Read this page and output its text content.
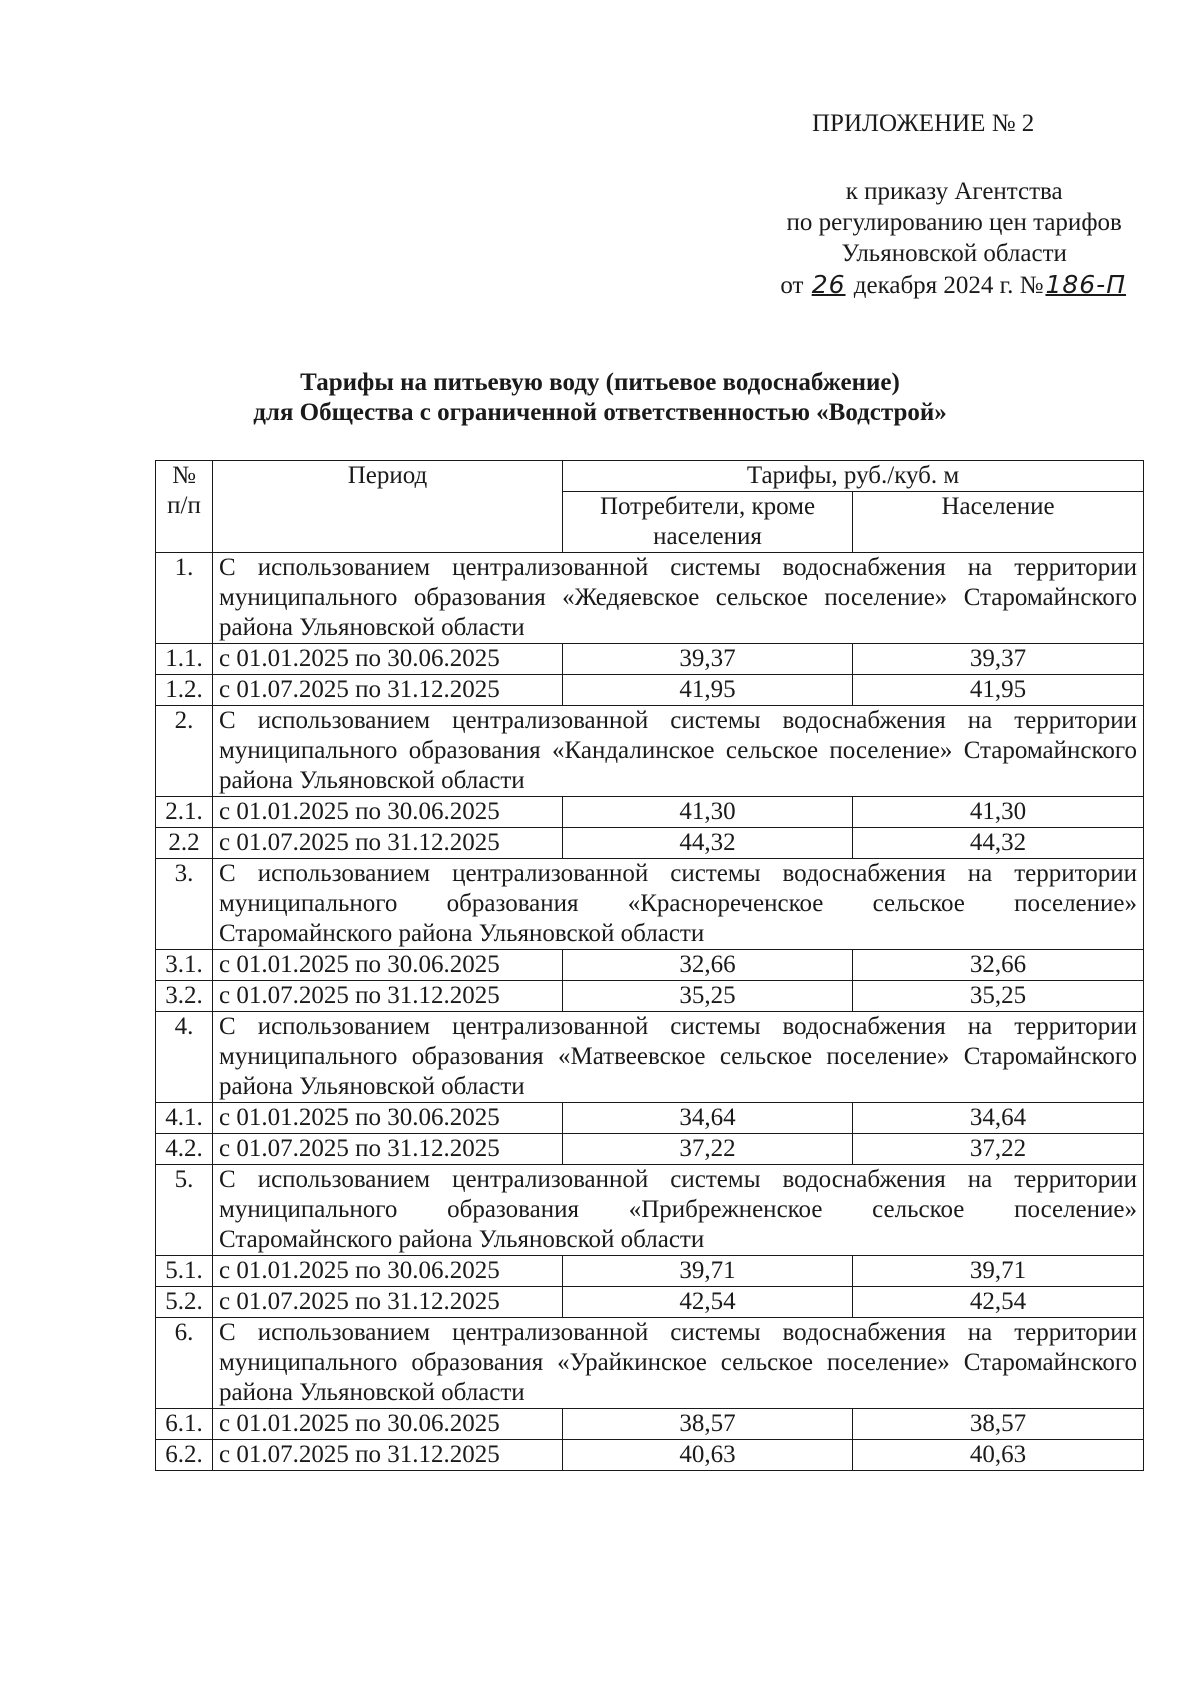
ПРИЛОЖЕНИЕ № 2
к приказу Агентства
по регулированию цен тарифов
Ульяновской области
от 26 декабря 2024 г. №186-П
Тарифы на питьевую воду (питьевое водоснабжение)
для Общества с ограниченной ответственностью «Водстрой»
№ п/п	Период	Тарифы, руб./куб. м	
		Потребители, кроме населения	Население
1.	С использованием централизованной системы водоснабжения на территории муниципального образования «Жедяевское сельское поселение» Старомайнского района Ульяновской области		
1.1.	с 01.01.2025 по 30.06.2025	39,37	39,37
1.2.	с 01.07.2025 по 31.12.2025	41,95	41,95
2.	С использованием централизованной системы водоснабжения на территории муниципального образования «Кандалинское сельское поселение» Старомайнского района Ульяновской области		
2.1.	с 01.01.2025 по 30.06.2025	41,30	41,30
2.2	с 01.07.2025 по 31.12.2025	44,32	44,32
3.	С использованием централизованной системы водоснабжения на территории муниципального образования «Краснореченское сельское поселение» Старомайнского района Ульяновской области		
3.1.	с 01.01.2025 по 30.06.2025	32,66	32,66
3.2.	с 01.07.2025 по 31.12.2025	35,25	35,25
4.	С использованием централизованной системы водоснабжения на территории муниципального образования «Матвеевское сельское поселение» Старомайнского района Ульяновской области		
4.1.	с 01.01.2025 по 30.06.2025	34,64	34,64
4.2.	с 01.07.2025 по 31.12.2025	37,22	37,22
5.	С использованием централизованной системы водоснабжения на территории муниципального образования «Прибрежненское сельское поселение» Старомайнского района Ульяновской области		
5.1.	с 01.01.2025 по 30.06.2025	39,71	39,71
5.2.	с 01.07.2025 по 31.12.2025	42,54	42,54
6.	С использованием централизованной системы водоснабжения на территории муниципального образования «Урайкинское сельское поселение» Старомайнского района Ульяновской области		
6.1.	с 01.01.2025 по 30.06.2025	38,57	38,57
6.2.	с 01.07.2025 по 31.12.2025	40,63	40,63
